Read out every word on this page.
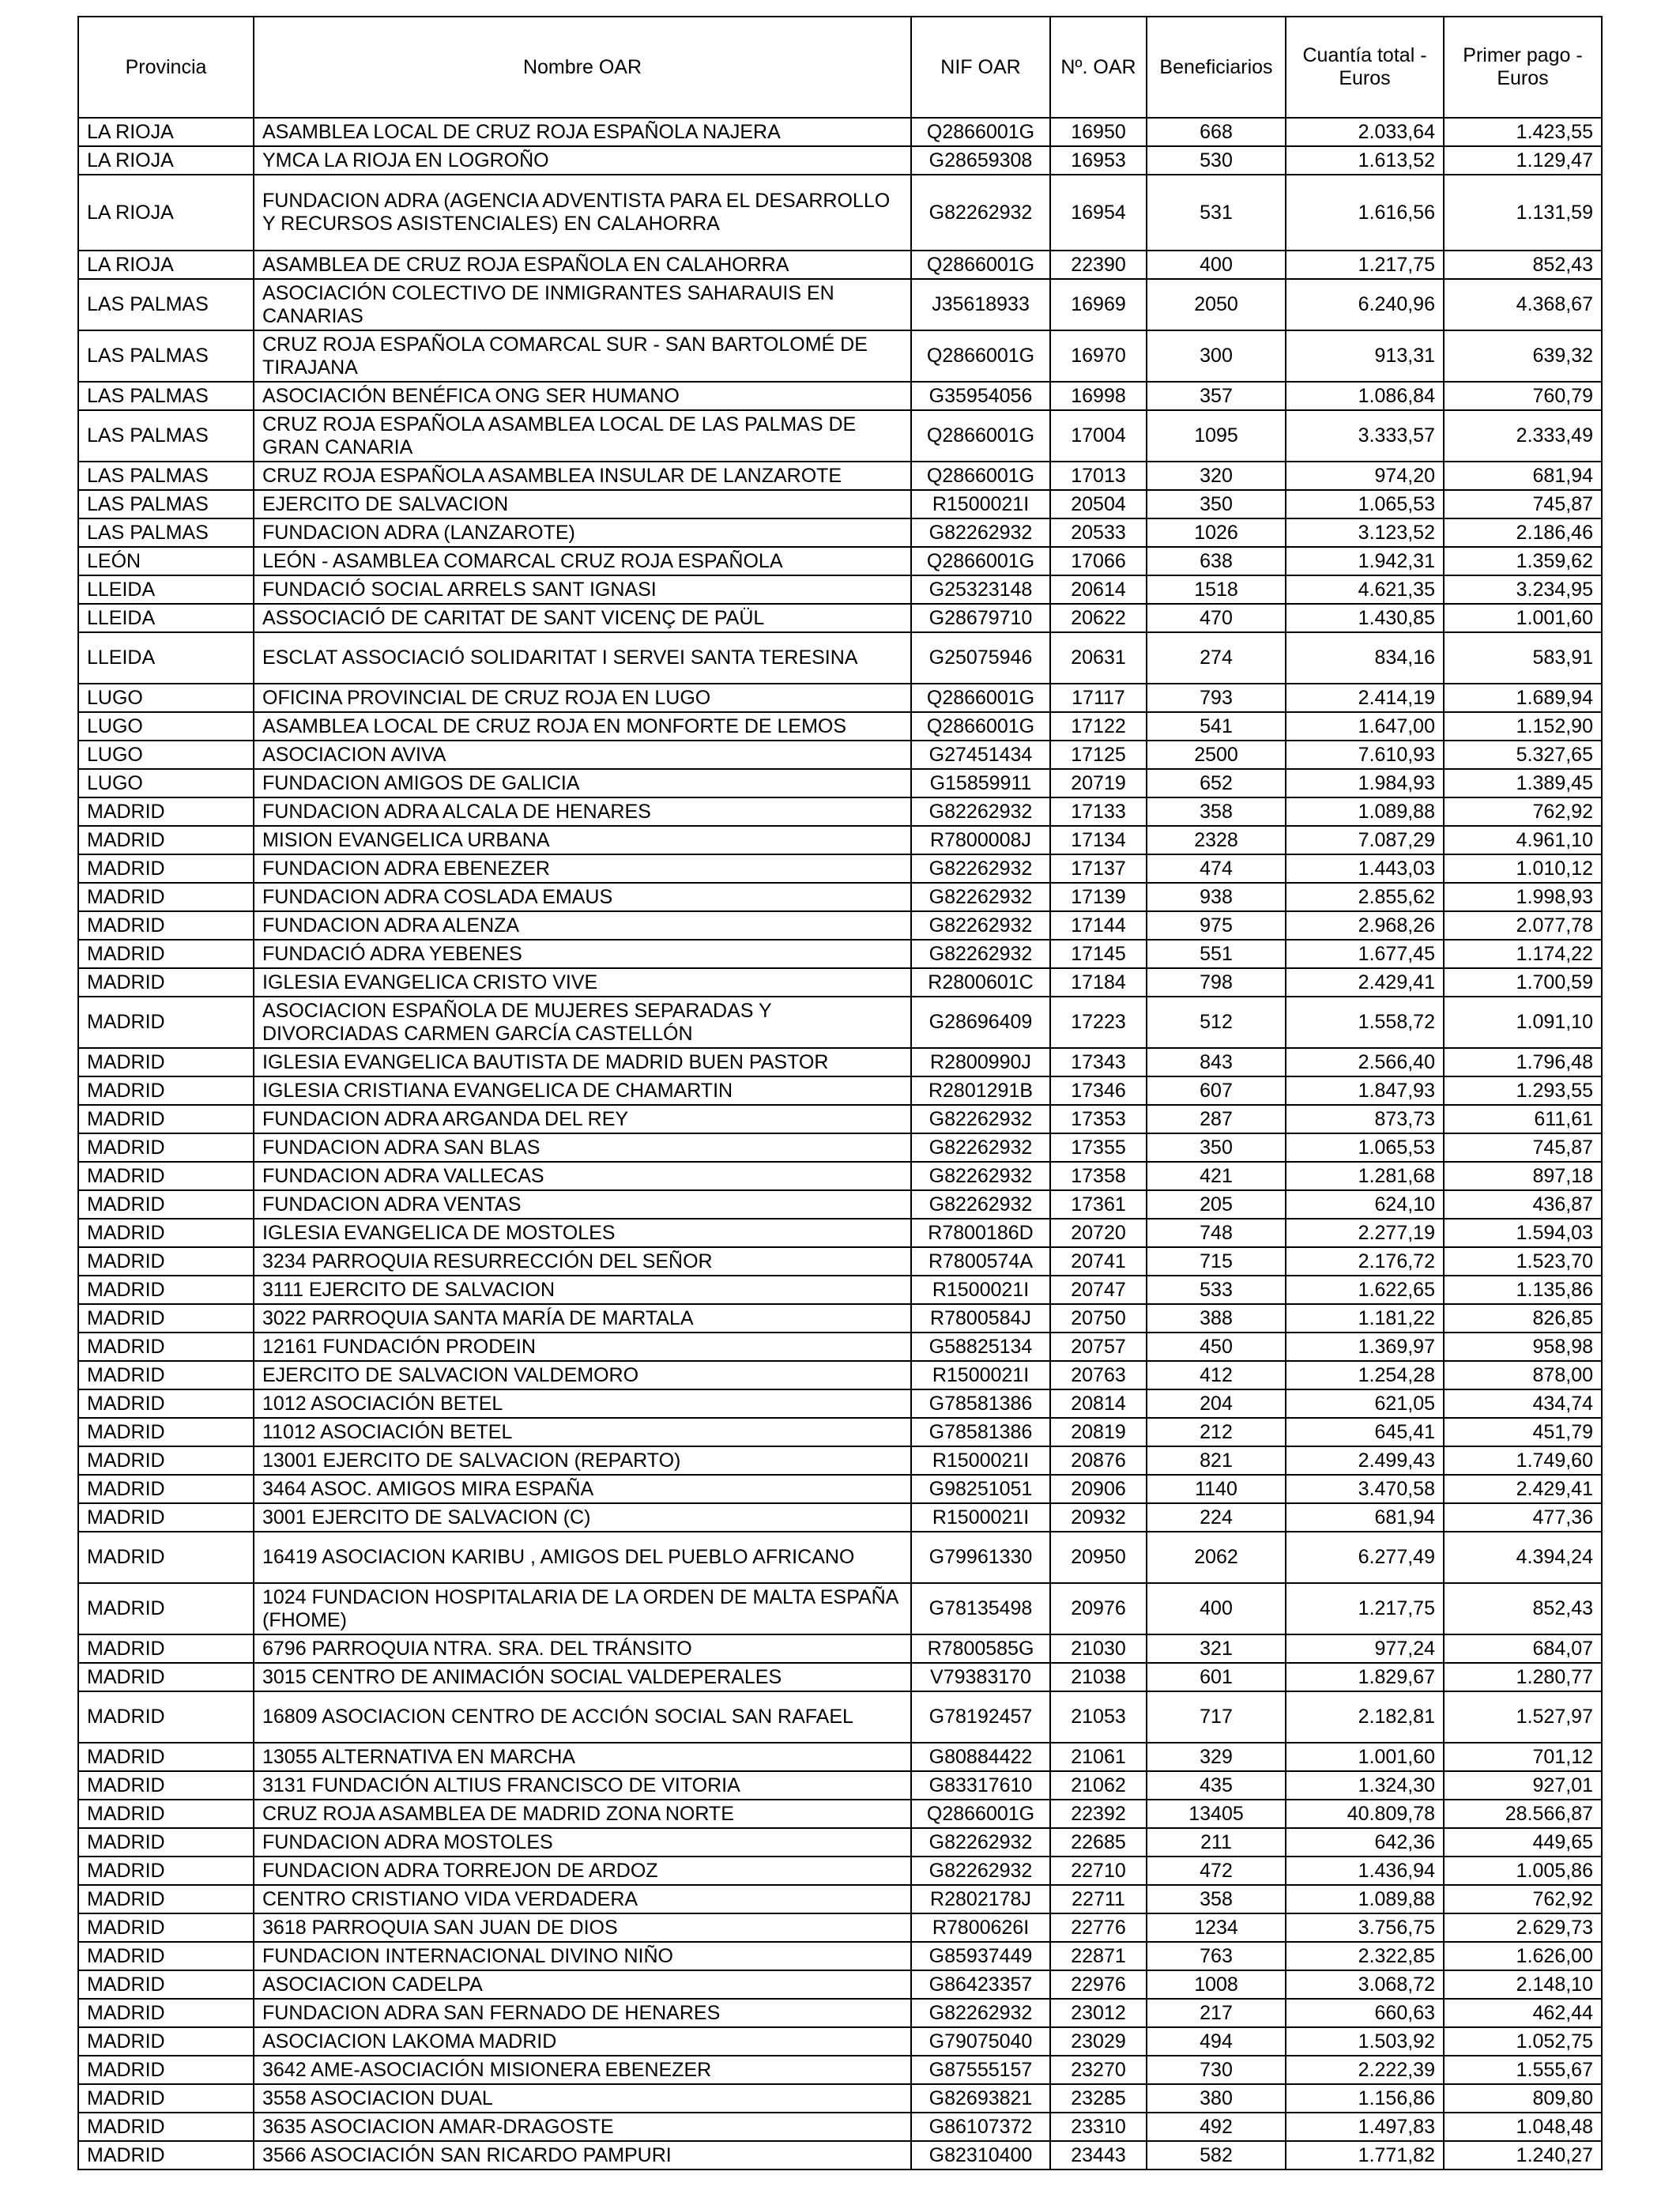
Provincia	Nombre OAR	NIF OAR	Nº. OAR	Beneficiarios	Cuantía total - Euros	Primer pago - Euros
LA RIOJA	ASAMBLEA LOCAL DE CRUZ ROJA ESPAÑOLA NAJERA	Q2866001G	16950	668	2.033,64	1.423,55
LA RIOJA	YMCA LA RIOJA EN LOGROÑO	G28659308	16953	530	1.613,52	1.129,47
LA RIOJA	FUNDACION ADRA (AGENCIA ADVENTISTA PARA EL DESARROLLO Y RECURSOS ASISTENCIALES) EN CALAHORRA	G82262932	16954	531	1.616,56	1.131,59
LA RIOJA	ASAMBLEA DE CRUZ ROJA ESPAÑOLA EN CALAHORRA	Q2866001G	22390	400	1.217,75	852,43
LAS PALMAS	ASOCIACIÓN COLECTIVO DE INMIGRANTES SAHARAUIS EN CANARIAS	J35618933	16969	2050	6.240,96	4.368,67
LAS PALMAS	CRUZ ROJA ESPAÑOLA COMARCAL SUR - SAN BARTOLOMÉ DE TIRAJANA	Q2866001G	16970	300	913,31	639,32
LAS PALMAS	ASOCIACIÓN BENÉFICA ONG SER HUMANO	G35954056	16998	357	1.086,84	760,79
LAS PALMAS	CRUZ ROJA ESPAÑOLA ASAMBLEA LOCAL DE LAS PALMAS DE GRAN CANARIA	Q2866001G	17004	1095	3.333,57	2.333,49
LAS PALMAS	CRUZ ROJA ESPAÑOLA ASAMBLEA INSULAR DE LANZAROTE	Q2866001G	17013	320	974,20	681,94
LAS PALMAS	EJERCITO DE SALVACION	R1500021I	20504	350	1.065,53	745,87
LAS PALMAS	FUNDACION ADRA (LANZAROTE)	G82262932	20533	1026	3.123,52	2.186,46
LEÓN	LEÓN - ASAMBLEA COMARCAL CRUZ ROJA ESPAÑOLA	Q2866001G	17066	638	1.942,31	1.359,62
LLEIDA	FUNDACIÓ SOCIAL ARRELS SANT IGNASI	G25323148	20614	1518	4.621,35	3.234,95
LLEIDA	ASSOCIACIÓ DE CARITAT DE SANT VICENÇ DE PAÜL	G28679710	20622	470	1.430,85	1.001,60
LLEIDA	ESCLAT ASSOCIACIÓ SOLIDARITAT I SERVEI SANTA TERESINA	G25075946	20631	274	834,16	583,91
LUGO	OFICINA PROVINCIAL DE CRUZ ROJA EN LUGO	Q2866001G	17117	793	2.414,19	1.689,94
LUGO	ASAMBLEA LOCAL DE CRUZ ROJA EN MONFORTE DE LEMOS	Q2866001G	17122	541	1.647,00	1.152,90
LUGO	ASOCIACION AVIVA	G27451434	17125	2500	7.610,93	5.327,65
LUGO	FUNDACION AMIGOS DE GALICIA	G15859911	20719	652	1.984,93	1.389,45
MADRID	FUNDACION ADRA ALCALA DE HENARES	G82262932	17133	358	1.089,88	762,92
MADRID	MISION EVANGELICA URBANA	R7800008J	17134	2328	7.087,29	4.961,10
MADRID	FUNDACION ADRA EBENEZER	G82262932	17137	474	1.443,03	1.010,12
MADRID	FUNDACION ADRA COSLADA EMAUS	G82262932	17139	938	2.855,62	1.998,93
MADRID	FUNDACION ADRA ALENZA	G82262932	17144	975	2.968,26	2.077,78
MADRID	FUNDACIÓ ADRA YEBENES	G82262932	17145	551	1.677,45	1.174,22
MADRID	IGLESIA EVANGELICA CRISTO VIVE	R2800601C	17184	798	2.429,41	1.700,59
MADRID	ASOCIACION ESPAÑOLA DE MUJERES SEPARADAS Y DIVORCIADAS CARMEN GARCÍA CASTELLÓN	G28696409	17223	512	1.558,72	1.091,10
MADRID	IGLESIA EVANGELICA BAUTISTA DE MADRID BUEN PASTOR	R2800990J	17343	843	2.566,40	1.796,48
MADRID	IGLESIA CRISTIANA EVANGELICA DE CHAMARTIN	R2801291B	17346	607	1.847,93	1.293,55
MADRID	FUNDACION ADRA ARGANDA DEL REY	G82262932	17353	287	873,73	611,61
MADRID	FUNDACION ADRA SAN BLAS	G82262932	17355	350	1.065,53	745,87
MADRID	FUNDACION ADRA VALLECAS	G82262932	17358	421	1.281,68	897,18
MADRID	FUNDACION ADRA VENTAS	G82262932	17361	205	624,10	436,87
MADRID	IGLESIA EVANGELICA DE MOSTOLES	R7800186D	20720	748	2.277,19	1.594,03
MADRID	3234 PARROQUIA RESURRECCIÓN DEL SEÑOR	R7800574A	20741	715	2.176,72	1.523,70
MADRID	3111 EJERCITO DE SALVACION	R1500021I	20747	533	1.622,65	1.135,86
MADRID	3022 PARROQUIA SANTA MARÍA DE MARTALA	R7800584J	20750	388	1.181,22	826,85
MADRID	12161 FUNDACIÓN PRODEIN	G58825134	20757	450	1.369,97	958,98
MADRID	EJERCITO DE SALVACION VALDEMORO	R1500021I	20763	412	1.254,28	878,00
MADRID	1012 ASOCIACIÓN BETEL	G78581386	20814	204	621,05	434,74
MADRID	11012 ASOCIACIÓN BETEL	G78581386	20819	212	645,41	451,79
MADRID	13001 EJERCITO DE SALVACION (REPARTO)	R1500021I	20876	821	2.499,43	1.749,60
MADRID	3464 ASOC. AMIGOS MIRA ESPAÑA	G98251051	20906	1140	3.470,58	2.429,41
MADRID	3001 EJERCITO DE SALVACION (C)	R1500021I	20932	224	681,94	477,36
MADRID	16419 ASOCIACION KARIBU , AMIGOS DEL PUEBLO AFRICANO	G79961330	20950	2062	6.277,49	4.394,24
MADRID	1024 FUNDACION HOSPITALARIA DE LA ORDEN DE MALTA ESPAÑA (FHOME)	G78135498	20976	400	1.217,75	852,43
MADRID	6796 PARROQUIA NTRA. SRA. DEL TRÁNSITO	R7800585G	21030	321	977,24	684,07
MADRID	3015 CENTRO DE ANIMACIÓN SOCIAL VALDEPERALES	V79383170	21038	601	1.829,67	1.280,77
MADRID	16809 ASOCIACION CENTRO DE ACCIÓN SOCIAL SAN RAFAEL	G78192457	21053	717	2.182,81	1.527,97
MADRID	13055 ALTERNATIVA EN MARCHA	G80884422	21061	329	1.001,60	701,12
MADRID	3131 FUNDACIÓN ALTIUS FRANCISCO DE VITORIA	G83317610	21062	435	1.324,30	927,01
MADRID	CRUZ ROJA ASAMBLEA DE MADRID ZONA NORTE	Q2866001G	22392	13405	40.809,78	28.566,87
MADRID	FUNDACION ADRA MOSTOLES	G82262932	22685	211	642,36	449,65
MADRID	FUNDACION ADRA TORREJON DE ARDOZ	G82262932	22710	472	1.436,94	1.005,86
MADRID	CENTRO CRISTIANO VIDA VERDADERA	R2802178J	22711	358	1.089,88	762,92
MADRID	3618 PARROQUIA SAN JUAN DE DIOS	R7800626I	22776	1234	3.756,75	2.629,73
MADRID	FUNDACION INTERNACIONAL DIVINO NIÑO	G85937449	22871	763	2.322,85	1.626,00
MADRID	ASOCIACION CADELPA	G86423357	22976	1008	3.068,72	2.148,10
MADRID	FUNDACION ADRA SAN FERNADO DE HENARES	G82262932	23012	217	660,63	462,44
MADRID	ASOCIACION LAKOMA MADRID	G79075040	23029	494	1.503,92	1.052,75
MADRID	3642 AME-ASOCIACIÓN MISIONERA EBENEZER	G87555157	23270	730	2.222,39	1.555,67
MADRID	3558 ASOCIACION DUAL	G82693821	23285	380	1.156,86	809,80
MADRID	3635 ASOCIACION AMAR-DRAGOSTE	G86107372	23310	492	1.497,83	1.048,48
MADRID	3566 ASOCIACIÓN SAN RICARDO PAMPURI	G82310400	23443	582	1.771,82	1.240,27
